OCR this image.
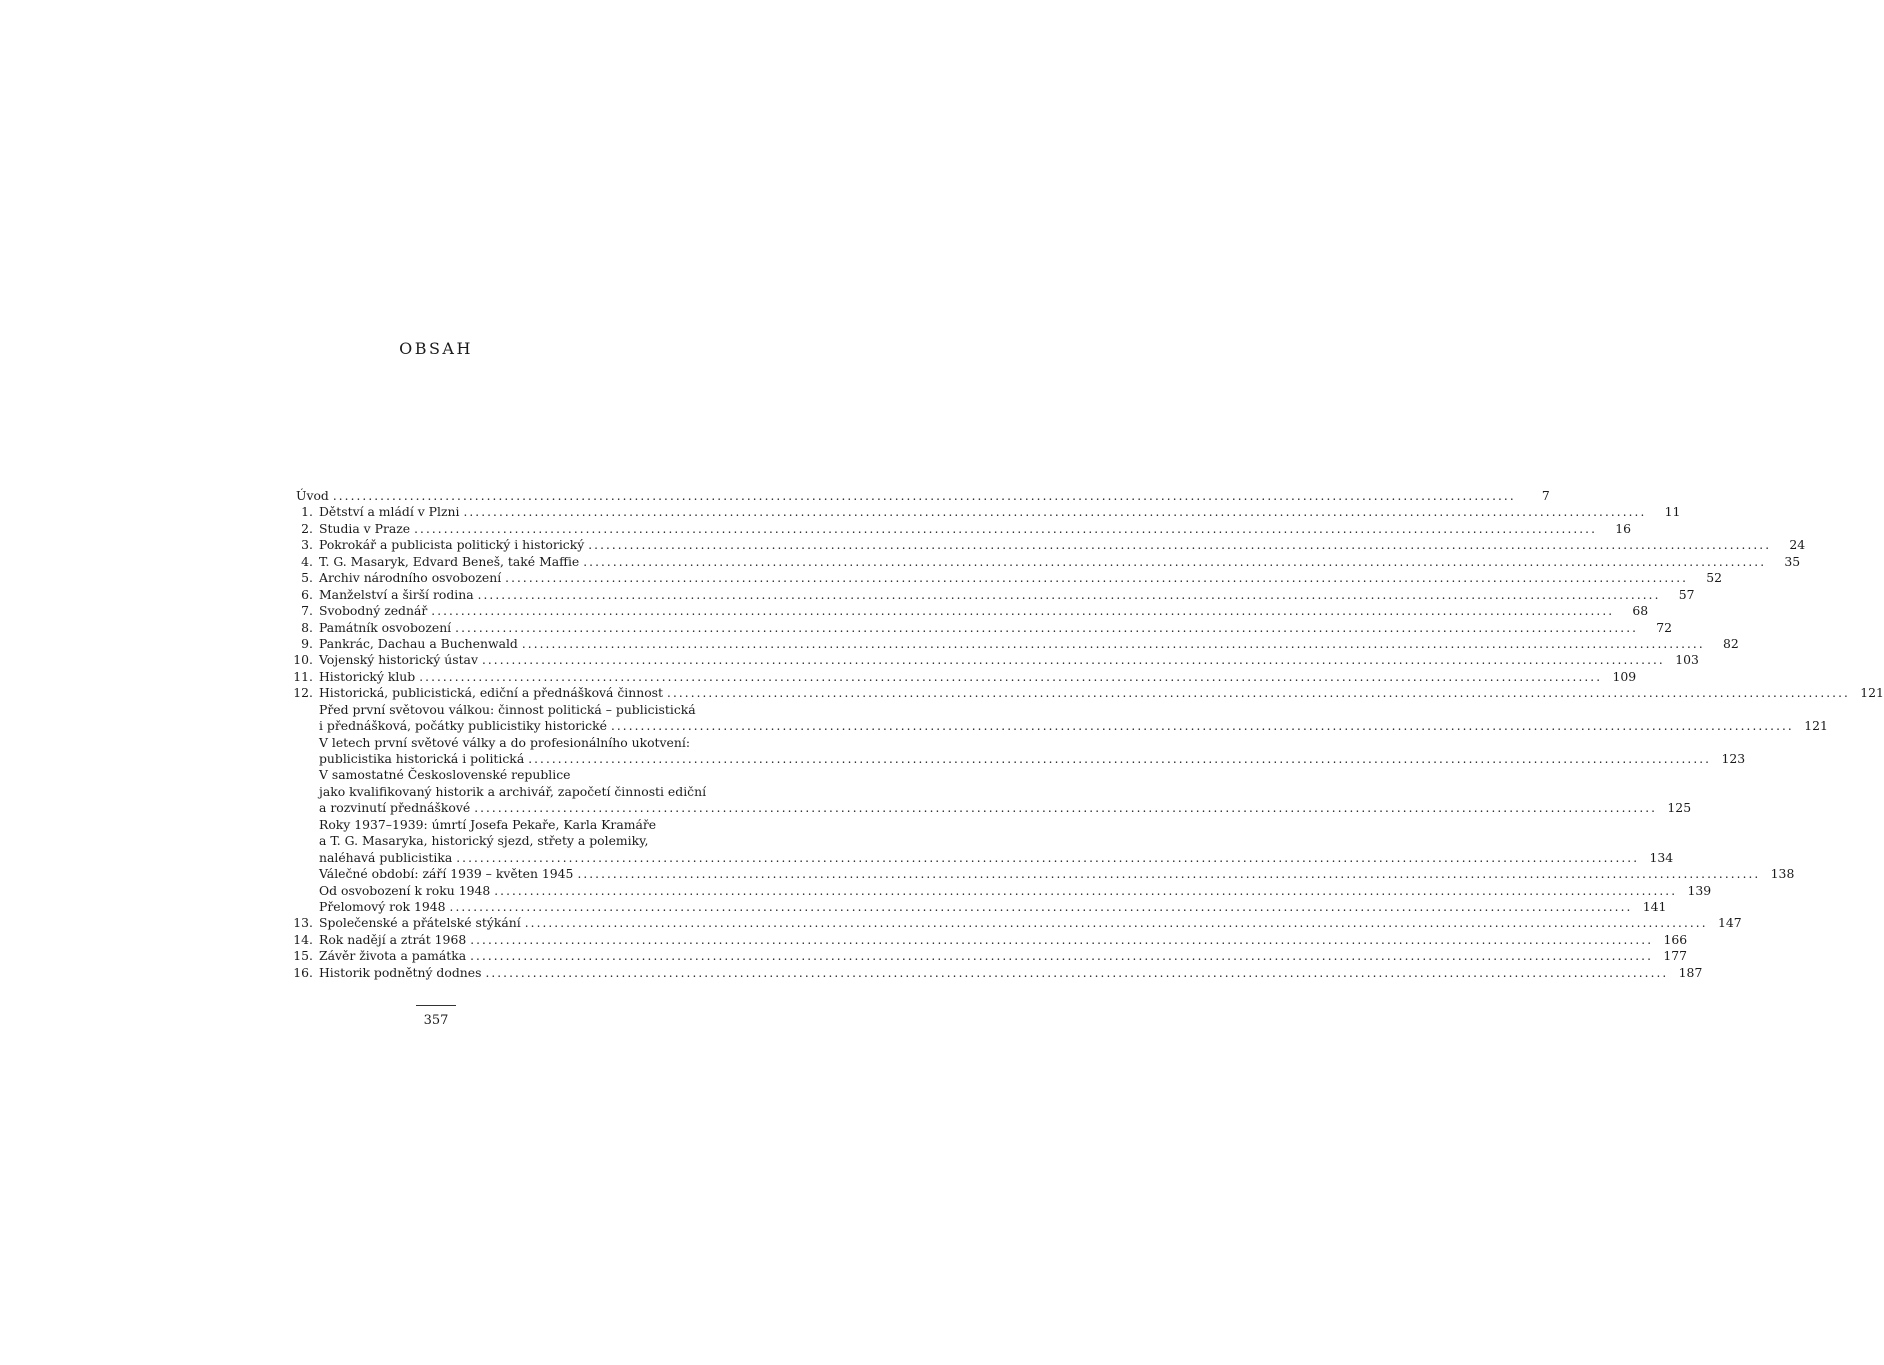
OBSAH
Úvod ........................................................................................................................................................................................................	7
1. Dětství a mládí v Plzni ........................................................................................................................................................................................................	11
2. Studia v Praze ........................................................................................................................................................................................................	16
3. Pokrokář a publicista politický i historický ........................................................................................................................................................................................................	24
4. T. G. Masaryk, Edvard Beneš, také Maffie ........................................................................................................................................................................................................	35
5. Archiv národního osvobození ........................................................................................................................................................................................................	52
6. Manželství a širší rodina ........................................................................................................................................................................................................	57
7. Svobodný zednář ........................................................................................................................................................................................................	68
8. Památník osvobození ........................................................................................................................................................................................................	72
9. Pankrác, Dachau a Buchenwald ........................................................................................................................................................................................................	82
10. Vojenský historický ústav ........................................................................................................................................................................................................ 103
11. Historický klub ........................................................................................................................................................................................................ 109
12. Historická, publicistická, ediční a přednášková činnost ........................................................................................................................................................................................................ 121
Před první světovou válkou: činnost politická – publicistická
i přednášková, počátky publicistiky historické ........................................................................................................................................................................................................ 121
V letech první světové války a do profesionálního ukotvení:
publicistika historická i politická ........................................................................................................................................................................................................ 123
V samostatné Československé republice
jako kvalifikovaný historik a archivář, započetí činnosti ediční
a rozvinutí přednáškové ........................................................................................................................................................................................................ 125
Roky 1937–1939: úmrtí Josefa Pekaře, Karla Kramáře
a T. G. Masaryka, historický sjezd, střety a polemiky,
naléhavá publicistika ........................................................................................................................................................................................................ 134
Válečné období: září 1939 – květen 1945 ........................................................................................................................................................................................................ 138
Od osvobození k roku 1948 ........................................................................................................................................................................................................ 139
Přelomový rok 1948 ........................................................................................................................................................................................................ 141
13. Společenské a přátelské stýkání ........................................................................................................................................................................................................ 147
14. Rok nadějí a ztrát 1968 ........................................................................................................................................................................................................ 166
15. Závěr života a památka ........................................................................................................................................................................................................ 177
16. Historik podnětný dodnes ........................................................................................................................................................................................................ 187
357
